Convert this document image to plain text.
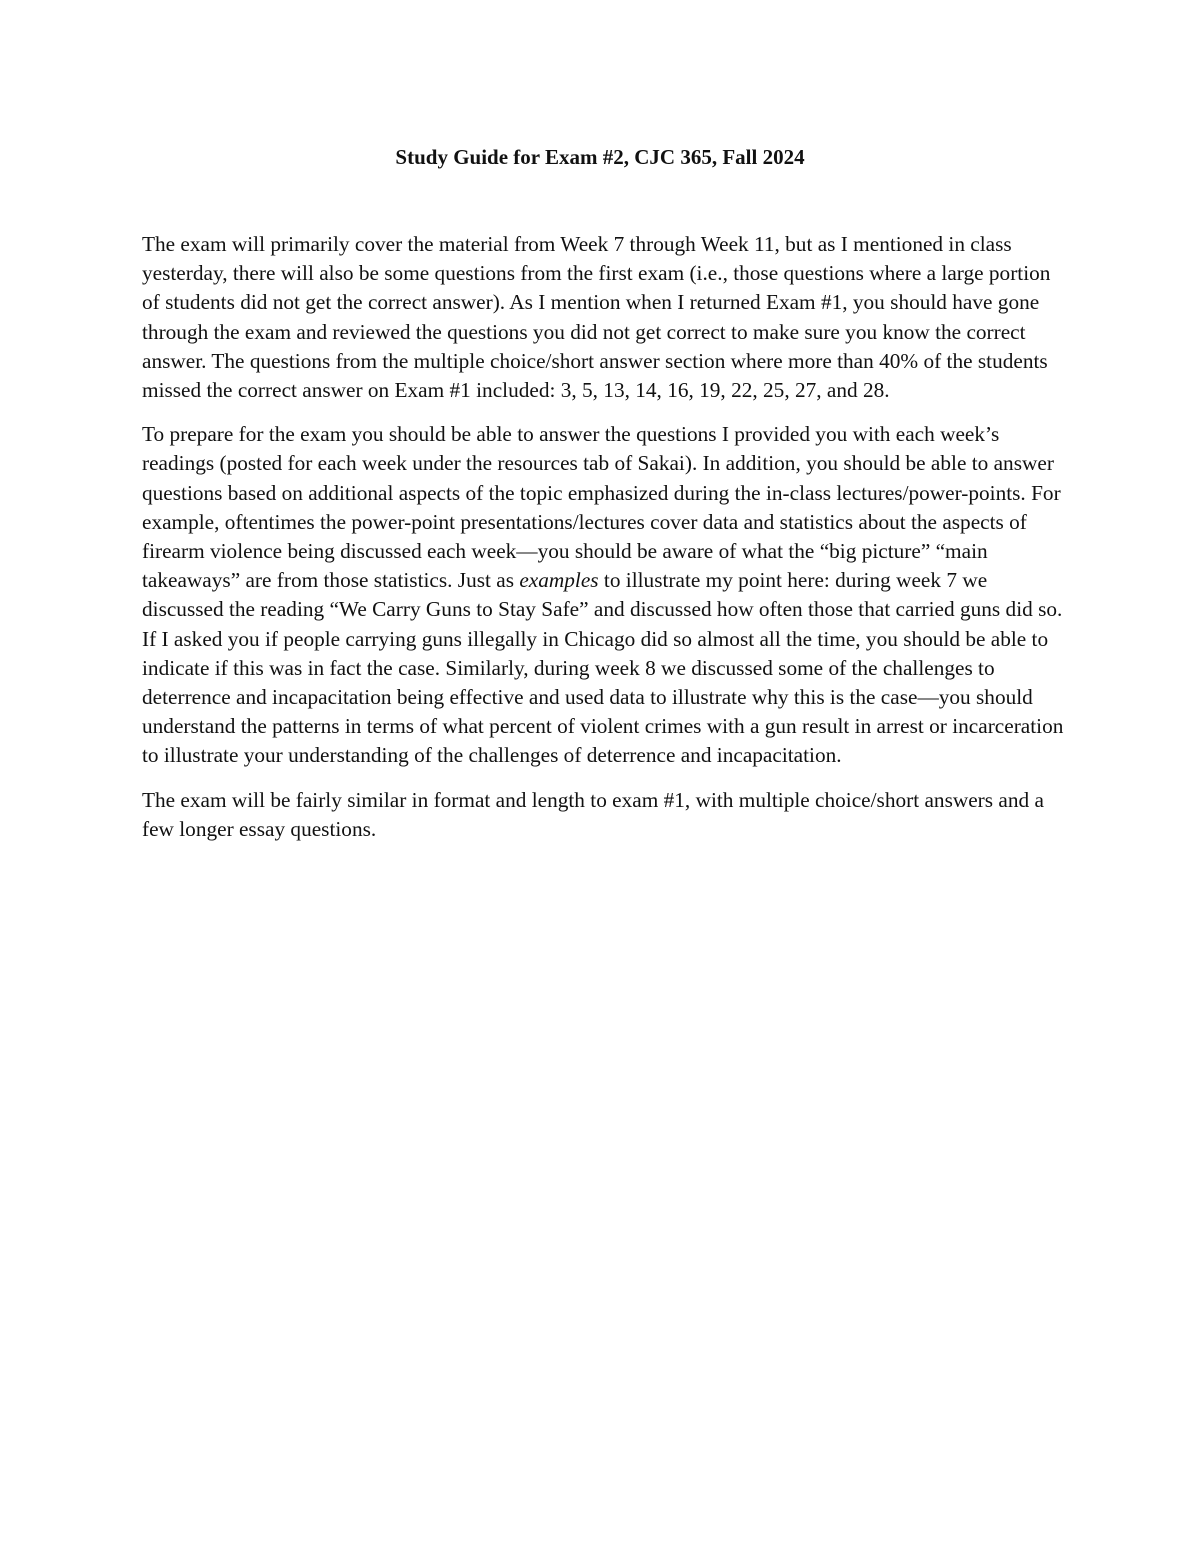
Study Guide for Exam #2, CJC 365, Fall 2024

The exam will primarily cover the material from Week 7 through Week 11, but as I mentioned in class yesterday, there will also be some questions from the first exam (i.e., those questions where a large portion of students did not get the correct answer). As I mention when I returned Exam #1, you should have gone through the exam and reviewed the questions you did not get correct to make sure you know the correct answer. The questions from the multiple choice/short answer section where more than 40% of the students missed the correct answer on Exam #1 included: 3, 5, 13, 14, 16, 19, 22, 25, 27, and 28.

To prepare for the exam you should be able to answer the questions I provided you with each week’s readings (posted for each week under the resources tab of Sakai). In addition, you should be able to answer questions based on additional aspects of the topic emphasized during the in-class lectures/power-points. For example, oftentimes the power-point presentations/lectures cover data and statistics about the aspects of firearm violence being discussed each week—you should be aware of what the “big picture” “main takeaways” are from those statistics. Just as examples to illustrate my point here: during week 7 we discussed the reading “We Carry Guns to Stay Safe” and discussed how often those that carried guns did so. If I asked you if people carrying guns illegally in Chicago did so almost all the time, you should be able to indicate if this was in fact the case. Similarly, during week 8 we discussed some of the challenges to deterrence and incapacitation being effective and used data to illustrate why this is the case—you should understand the patterns in terms of what percent of violent crimes with a gun result in arrest or incarceration to illustrate your understanding of the challenges of deterrence and incapacitation.

The exam will be fairly similar in format and length to exam #1, with multiple choice/short answers and a few longer essay questions.
